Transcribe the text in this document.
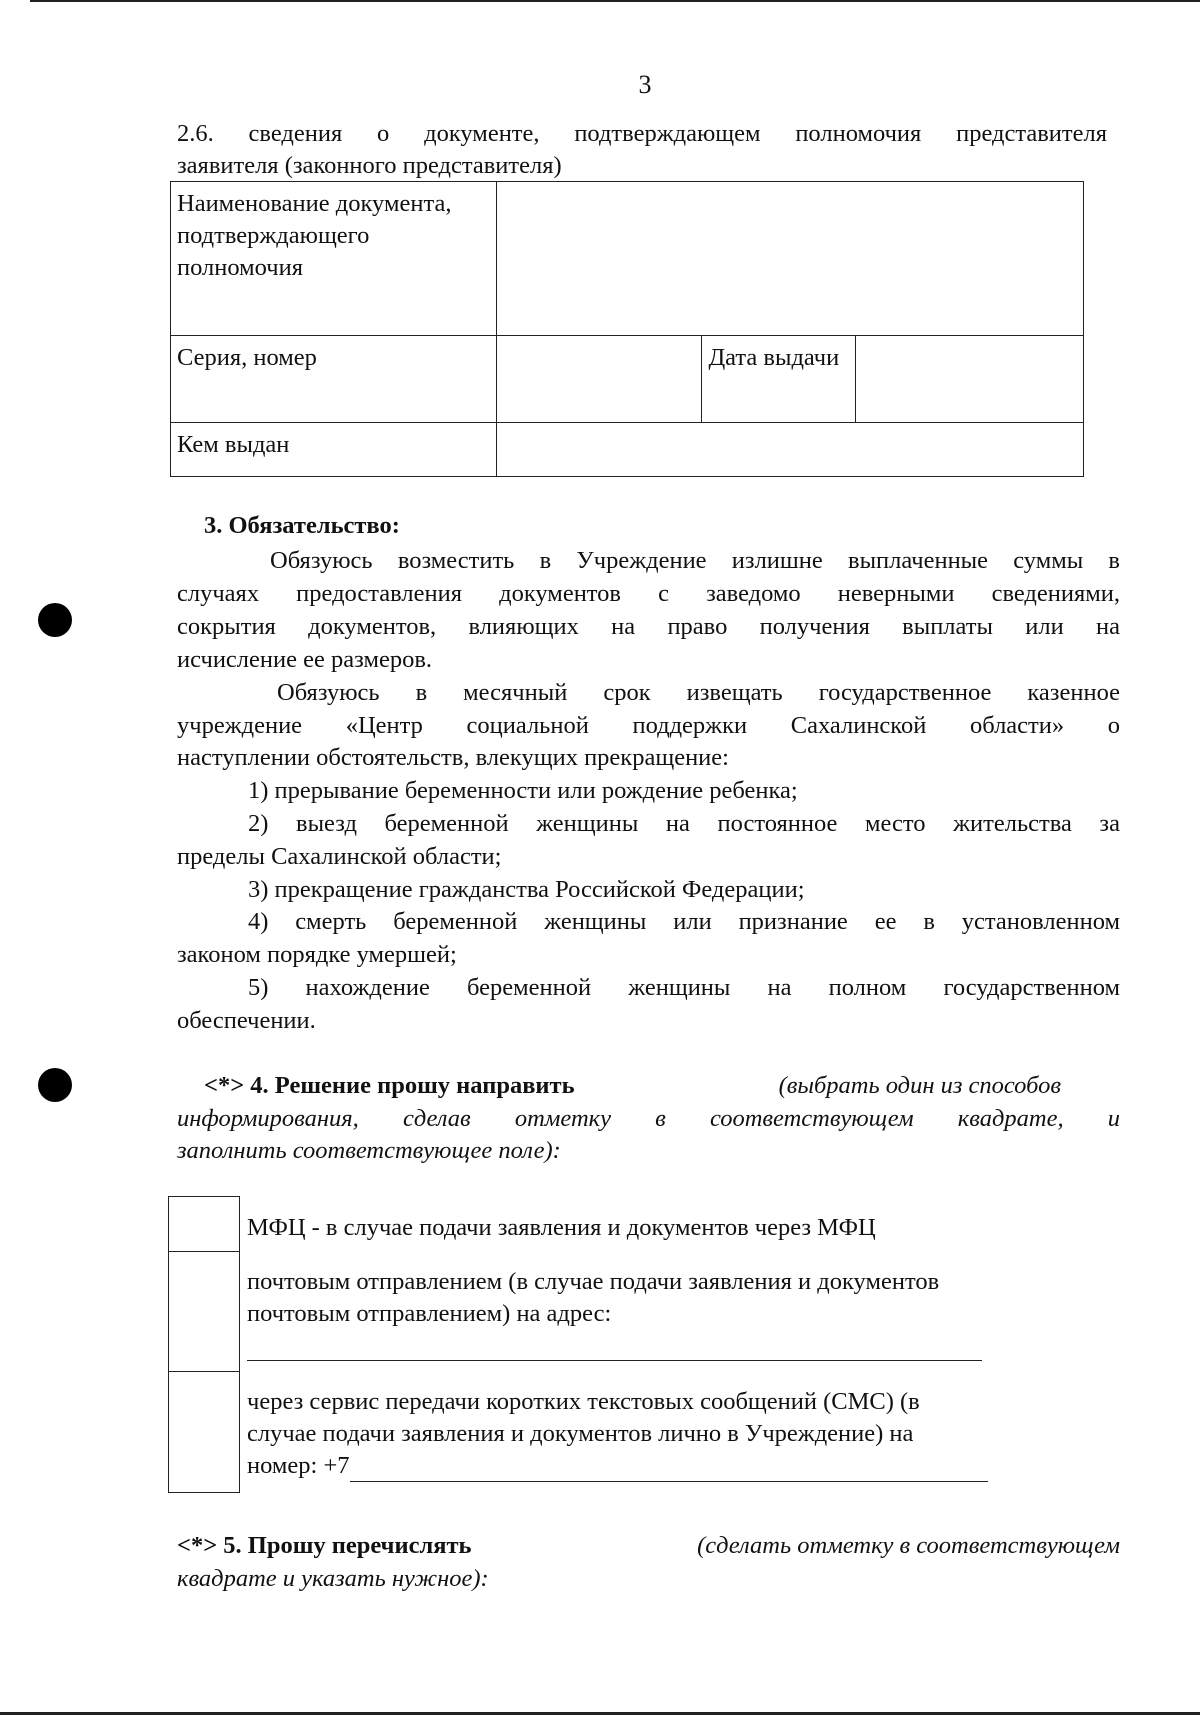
3
2.6. сведения о документе, подтверждающем полномочия представителя
заявителя (законного представителя)
Наименование документа, подтверждающего полномочия			
Серия, номер		Дата выдачи	
Кем выдан			
3. Обязательство:
Обязуюсь возместить в Учреждение излишне выплаченные суммы в
случаях предоставления документов с заведомо неверными сведениями,
сокрытия документов, влияющих на право получения выплаты или на
исчисление ее размеров.
Обязуюсь в месячный срок извещать государственное казенное
учреждение «Центр социальной поддержки Сахалинской области» о
наступлении обстоятельств, влекущих прекращение:
1) прерывание беременности или рождение ребенка;
2) выезд беременной женщины на постоянное место жительства за
пределы Сахалинской области;
3) прекращение гражданства Российской Федерации;
4) смерть беременной женщины или признание ее в установленном
законом порядке умершей;
5) нахождение беременной женщины на полном государственном
обеспечении.
<*> 4. Решение прошу направить	(выбрать один из способов
информирования, сделав отметку в соответствующем квадрате, и
заполнить соответствующее поле):
МФЦ - в случае подачи заявления и документов через МФЦ
почтовым отправлением (в случае подачи заявления и документов
почтовым отправлением) на адрес:
через сервис передачи коротких текстовых сообщений (СМС) (в
случае подачи заявления и документов лично в Учреждение) на
номер: +7
<*> 5. Прошу перечислять	(сделать отметку в соответствующем
квадрате и указать нужное):
